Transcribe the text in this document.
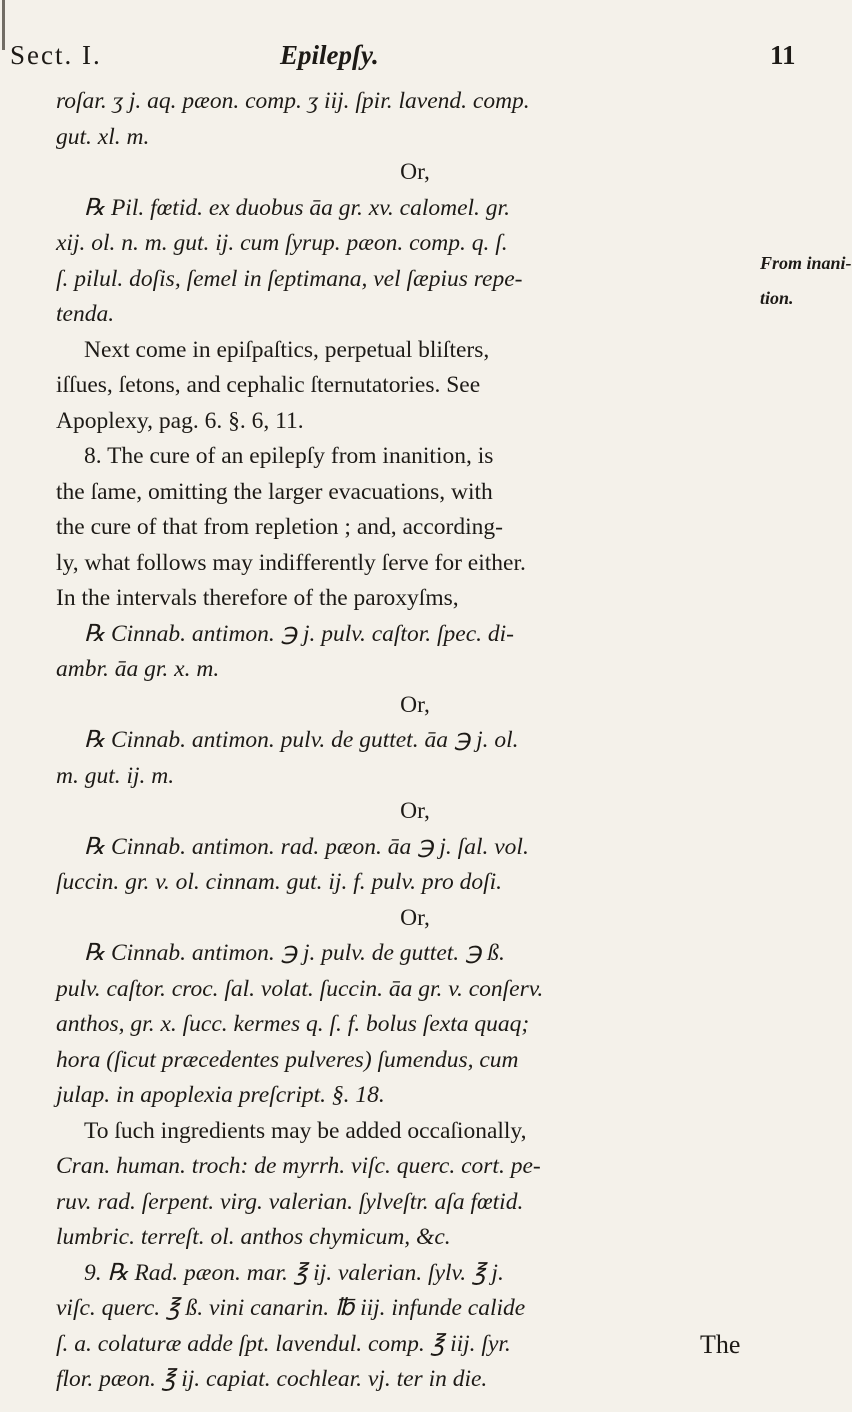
Sect. I.	Epilepſy.	11
roſar. ʒ j. aq. pæon. comp. ʒ iij. ſpir. lavend. comp.
gut. xl. m.
Or,
℞ Pil. fœtid. ex duobus āa gr. xv. calomel. gr.
xij. ol. n. m. gut. ij. cum ſyrup. pæon. comp. q. ſ.
ſ. pilul. doſis, ſemel in ſeptimana, vel ſæpius repe-
tenda.
Next come in epiſpaſtics, perpetual bliſters,
iſſues, ſetons, and cephalic ſternutatories. See
Apoplexy, pag. 6. §. 6, 11.
8. The cure of an epilepſy from inanition, is
the ſame, omitting the larger evacuations, with
the cure of that from repletion ; and, according-
ly, what follows may indifferently ſerve for either.
In the intervals therefore of the paroxyſms,
℞ Cinnab. antimon. ℈ j. pulv. caſtor. ſpec. di-
ambr. āa gr. x. m.
Or,
℞ Cinnab. antimon. pulv. de guttet. āa ℈ j. ol.
m. gut. ij. m.
Or,
℞ Cinnab. antimon. rad. pæon. āa ℈ j. ſal. vol.
ſuccin. gr. v. ol. cinnam. gut. ij. f. pulv. pro doſi.
Or,
℞ Cinnab. antimon. ℈ j. pulv. de guttet. ℈ ß.
pulv. caſtor. croc. ſal. volat. ſuccin. āa gr. v. conſerv.
anthos, gr. x. ſucc. kermes q. ſ. f. bolus ſexta quaq;
hora (ſicut præcedentes pulveres) ſumendus, cum
julap. in apoplexia preſcript. §. 18.
To ſuch ingredients may be added occaſionally,
Cran. human. troch: de myrrh. viſc. querc. cort. pe-
ruv. rad. ſerpent. virg. valerian. ſylveſtr. aſa fœtid.
lumbric. terreſt. ol. anthos chymicum, &c.
9. ℞ Rad. pæon. mar. ℥ ij. valerian. ſylv. ℥ j.
viſc. querc. ℥ ß. vini canarin. ℔ iij. infunde calide
ſ. a. colaturæ adde ſpt. lavendul. comp. ℥ iij. ſyr.
flor. pæon. ℥ ij. capiat. cochlear. vj. ter in die.
From inani-
tion.
The
